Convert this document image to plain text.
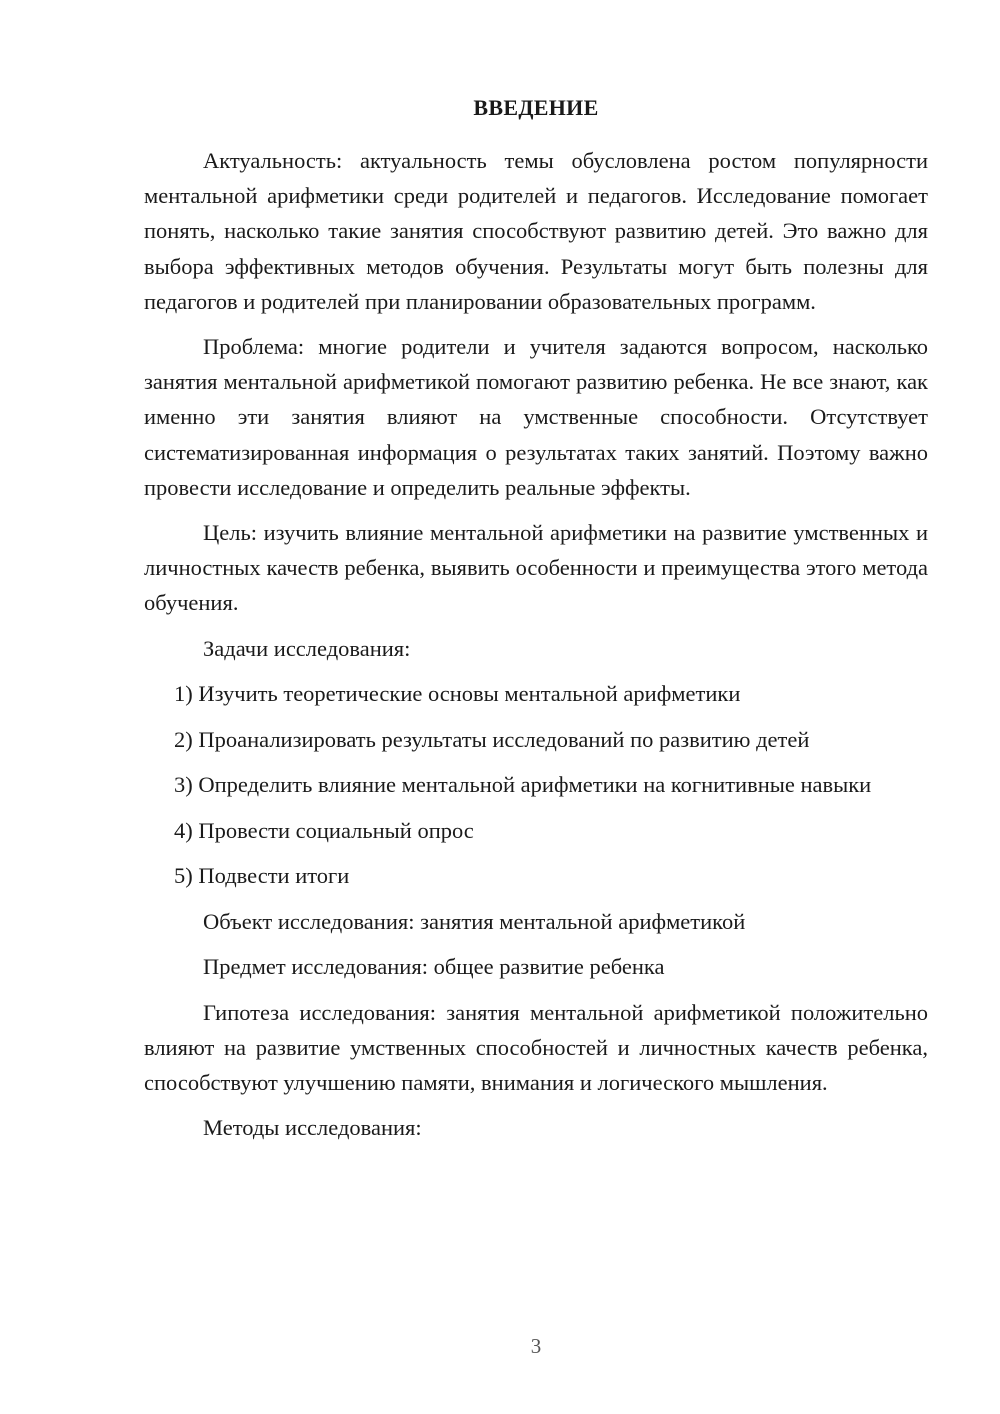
ВВЕДЕНИЕ

Актуальность: актуальность темы обусловлена ростом популярности ментальной арифметики среди родителей и педагогов. Исследование помогает понять, насколько такие занятия способствуют развитию детей. Это важно для выбора эффективных методов обучения. Результаты могут быть полезны для педагогов и родителей при планировании образовательных программ.

Проблема: многие родители и учителя задаются вопросом, насколько занятия ментальной арифметикой помогают развитию ребенка. Не все знают, как именно эти занятия влияют на умственные способности. Отсутствует систематизированная информация о результатах таких занятий. Поэтому важно провести исследование и определить реальные эффекты.

Цель: изучить влияние ментальной арифметики на развитие умственных и личностных качеств ребенка, выявить особенности и преимущества этого метода обучения.

Задачи исследования:

1) Изучить теоретические основы ментальной арифметики

2) Проанализировать результаты исследований по развитию детей

3) Определить влияние ментальной арифметики на когнитивные навыки

4) Провести социальный опрос

5) Подвести итоги

Объект исследования: занятия ментальной арифметикой

Предмет исследования: общее развитие ребенка

Гипотеза исследования: занятия ментальной арифметикой положительно влияют на развитие умственных способностей и личностных качеств ребенка, способствуют улучшению памяти, внимания и логического мышления.

Методы исследования:

3
